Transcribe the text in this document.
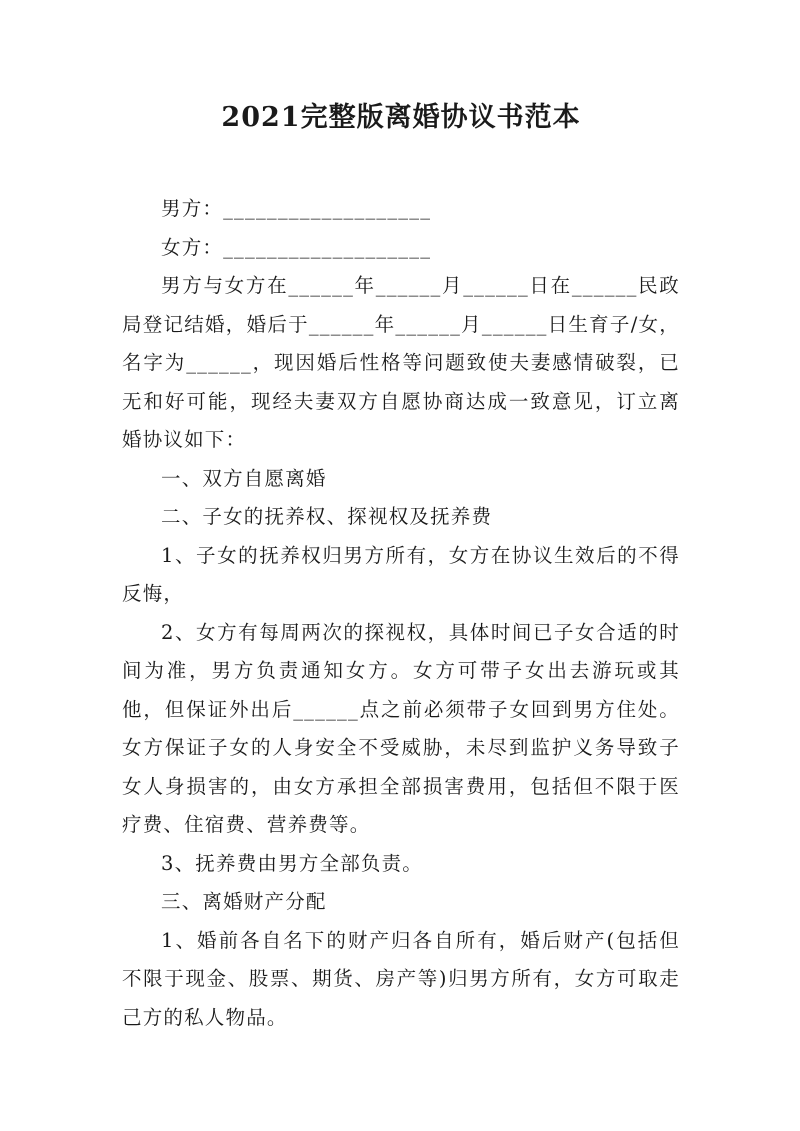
2021完整版离婚协议书范本

男方：___________________

女方：___________________

男方与女方在______年______月______日在______民政局登记结婚，婚后于______年______月______日生育子/女，名字为______，现因婚后性格等问题致使夫妻感情破裂，已无和好可能，现经夫妻双方自愿协商达成一致意见，订立离婚协议如下：

一、双方自愿离婚

二、子女的抚养权、探视权及抚养费

1、子女的抚养权归男方所有，女方在协议生效后的不得反悔，

2、女方有每周两次的探视权，具体时间已子女合适的时间为准，男方负责通知女方。女方可带子女出去游玩或其他，但保证外出后______点之前必须带子女回到男方住处。女方保证子女的人身安全不受威胁，未尽到监护义务导致子女人身损害的，由女方承担全部损害费用，包括但不限于医疗费、住宿费、营养费等。

3、抚养费由男方全部负责。

三、离婚财产分配

1、婚前各自名下的财产归各自所有，婚后财产(包括但不限于现金、股票、期货、房产等)归男方所有，女方可取走己方的私人物品。
